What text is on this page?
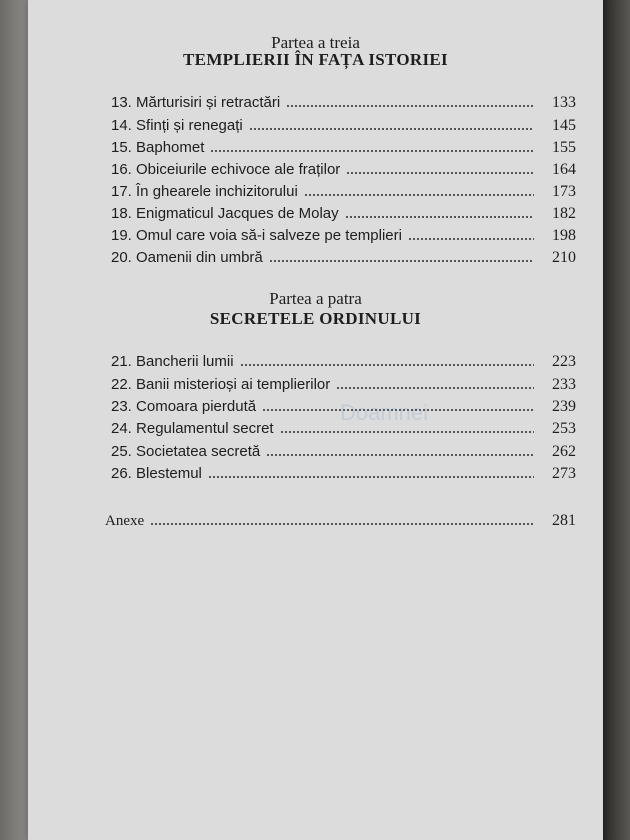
Partea a treia
TEMPLIERII ÎN FAȚA ISTORIEI
13. Mărturisiri și retractări	133
14. Sfinți și renegați	145
15. Baphomet	155
16. Obiceiurile echivoce ale fraților	164
17. În ghearele inchizitorului	173
18. Enigmaticul Jacques de Molay	182
19. Omul care voia să-i salveze pe templieri	198
20. Oamenii din umbră	210
Partea a patra
SECRETELE ORDINULUI
21. Bancherii lumii	223
22. Banii misterioși ai templierilor	233
23. Comoara pierdută	239
24. Regulamentul secret	253
25. Societatea secretă	262
26. Blestemul	273
Anexe	281
Doamnei
